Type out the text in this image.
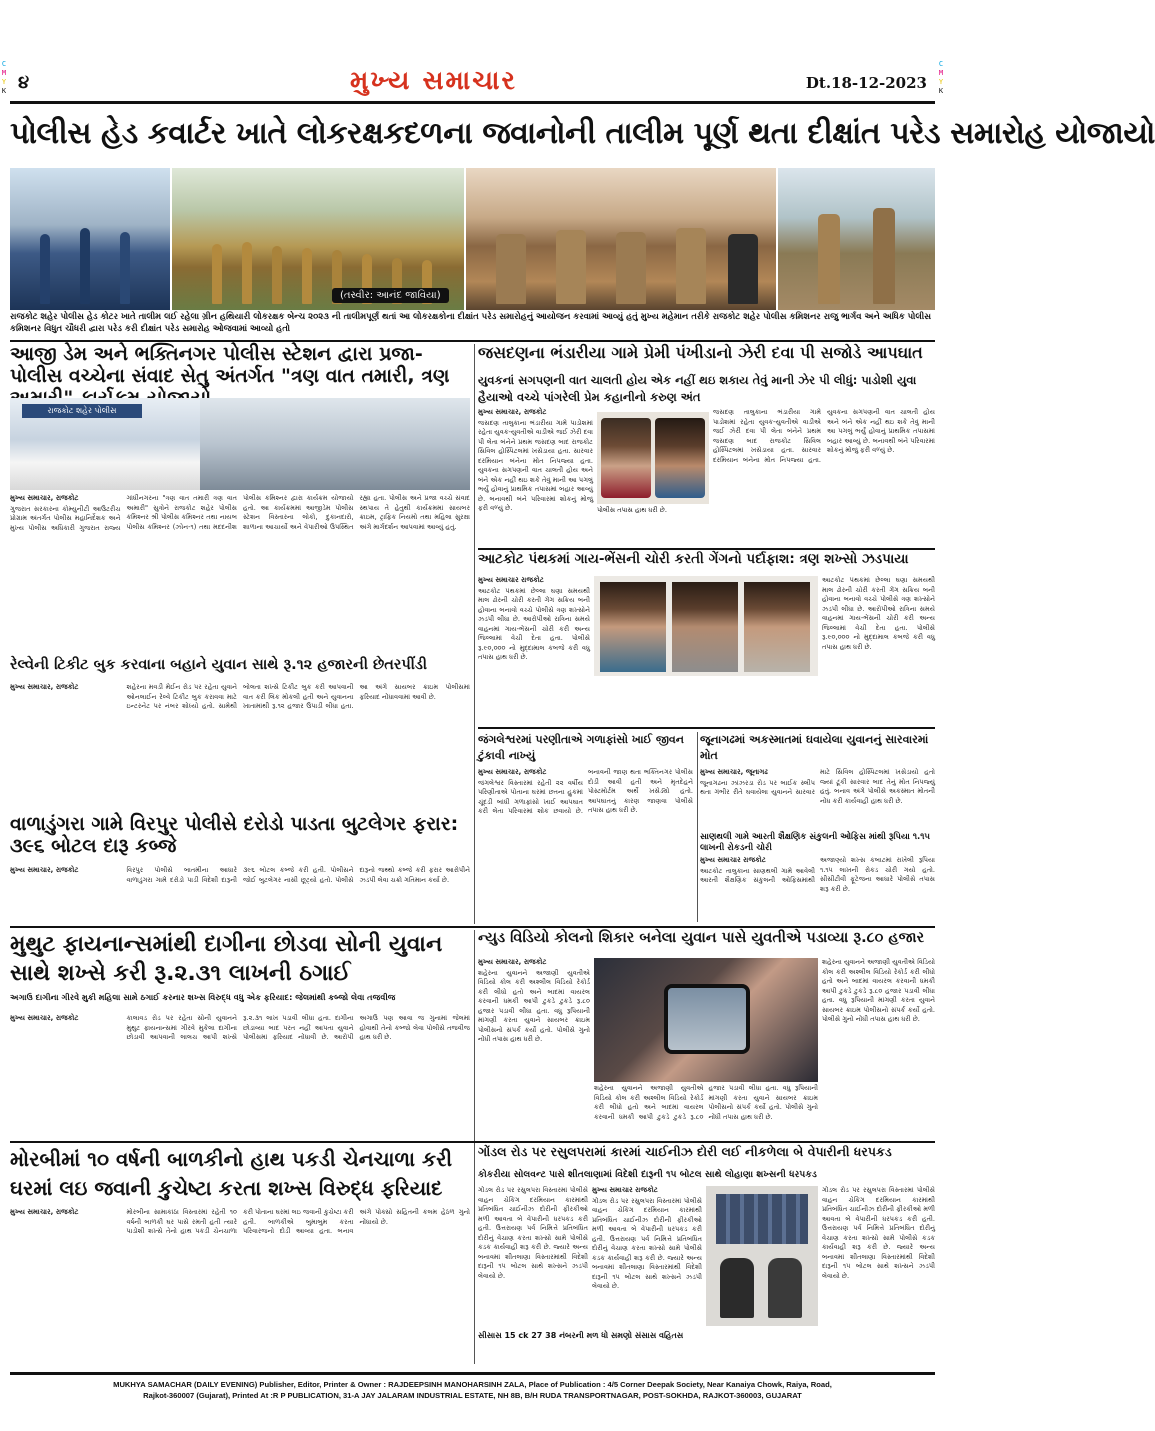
C
M
Y
K
C
M
Y
K
૪	મુખ્ય સમાચાર	Dt.18-12-2023
પોલીસ હેડ કવાર્ટર ખાતે લોકરક્ષકદળના જવાનોની તાલીમ પૂર્ણ થતા દીક્ષાંત પરેડ સમારોહ યોજાયો
(તસ્વીર: આનંદ જાવિયા)
રાજકોટ શહેર પોલીસ હેડ કોટર ખાતે તાલીમ લઈ રહેલા ગ્રીન હથિયારી લોકરક્ષક બેન્ચ ૨૦૨૩ ની તાલીમપૂર્ણ થતાં આ લોકરક્ષકોના દીક્ષાંત પરેડ સમારોહનું આયોજન કરવામાં આવ્યું હતું મુખ્ય મહેમાન તરીકે રાજકોટ શહેર પોલીસ કમિશનર રાજુ ભાર્ગવ અને અધિક પોલીસ કમિશનર વિધુત ચૌધરી દ્વારા પરેડ કરી દીક્ષાંત પરેડ સમારોહ ઓજવામાં આવ્યો હતો
આજી ડેમ અને ભક્તિનગર પોલીસ સ્ટેશન દ્વારા પ્રજા-પોલીસ વચ્ચેના સંવાદ સેતુ અંતર્ગત "ત્રણ વાત તમારી, ત્રણ
રાજકોટ શહેર પોલીસ
મુખ્ય સમાચાર, રાજકોટ
ગુજરાત સરકારના કોમ્યુનીટી આઉટરીચ પ્રોગ્રામ અંતર્ગત પોલીસ મહાનિર્દેશક અને મુખ્ય પોલીસ અધિકારી ગુજરાત રાજ્ય ગાંધીનગરના "ત્રણ વાત તમારી ત્રણ વાત અમારી" સુત્રોને રાજકોટ શહેર પોલીસ કમિશ્નર શ્રી પોલીસ કમિશ્નર તથા નાયબ પોલીસ કમિશ્નર (ઝોન-૧) તથા મદદનીશ પોલીસ કમિશ્નર દ્વારા કાર્યક્રમ યોજાયો હતો. આ કાર્યક્રમમાં આજીડેમ પોલીસ સ્ટેશન વિસ્તારના લોકો, દુકાનદારો, શાળાના આચાર્યો અને વેપારીઓ ઉપસ્થિત રહ્યા હતા. પોલીસ અને પ્રજા વચ્ચે સંવાદ સ્થપાય તે હેતુથી કાર્યક્રમમાં સાયબર ક્રાઇમ, ટ્રાફિક નિયમો તથા મહિલા સુરક્ષા અંગે માર્ગદર્શન આપવામાં આવ્યું હતું.
રેલ્વેની ટિકીટ બુક કરવાના બહાને યુવાન સાથે રૂ.૧૨ હજારની છેતરપીંડી
મુખ્ય સમાચાર, રાજકોટ	શહેરના મવડી મેઈન રોડ પર રહેતા યુવાને ઓનલાઈન રેલ્વે ટિકીટ બુક કરાવવા માટે ઇન્ટરનેટ પર નંબર શોધ્યો હતો. સામેથી બોલતા શખ્સે ટિકીટ બુક કરી આપવાની વાત કરી લિંક મોકલી હતી અને યુવાનના ખાતામાંથી રૂ.૧૨ હજાર ઉપાડી લીધા હતા. આ અંગે સાયબર ક્રાઇમ પોલીસમાં ફરિયાદ નોંધાવવામાં આવી છે.
વાળાડુંગરા ગામે વિરપુર પોલીસે દરોડો પાડતા બુટલેગર ફરાર: ૩૯૬ બોટલ દારૂ કબ્જે
મુખ્ય સમાચાર, રાજકોટ	વિરપુર પોલીસે બાતમીના આધારે વાળાડુંગરા ગામે દરોડો પાડી વિદેશી દારૂની ૩૯૬ બોટલ કબ્જે કરી હતી. પોલીસને જોઈ બુટલેગર નાસી છૂટ્યો હતો. પોલીસે દારૂનો જથ્થો કબ્જે કરી ફરાર આરોપીને ઝડપી લેવા ચક્રો ગતિમાન કર્યા છે.
જસદણના ભંડારીયા ગામે પ્રેમી પંખીડાનો ઝેરી દવા પી સજોડે આપઘાત
યુવકનાં સગપણની વાત ચાલતી હોય એક નહીં થઇ શકાય તેવું માની ઝેર પી લીધું: પાડોશી યુવા હૈયાઓ વચ્ચે પાંગરેલી પ્રેમ કહાનીનો કરુણ અંત
મુખ્ય સમાચાર, રાજકોટ
જસદણ તાલુકાના ભંડારીયા ગામે પાડોશમાં રહેતા યુવક-યુવતીએ વાડીએ જઈ ઝેરી દવા પી લેતા બંનેને પ્રથમ જસદણ બાદ રાજકોટ સિવિલ હોસ્પિટલમાં ખસેડાયા હતા. સારવાર દરમિયાન બંનેના મોત નિપજ્યા હતા. યુવકના સગપણની વાત ચાલતી હોય અને બંને એક નહીં થઇ શકે તેવું માની આ પગલું ભર્યું હોવાનું પ્રાથમિક તપાસમાં બહાર આવ્યું છે. બનાવથી બંને પરિવારમાં શોકનું મોજું ફરી વળ્યું છે.	પોલીસ તપાસ હાથ ધરી છે.
જસદણ તાલુકાના ભંડારીયા ગામે પાડોશમાં રહેતા યુવક-યુવતીએ વાડીએ જઈ ઝેરી દવા પી લેતા બંનેને પ્રથમ જસદણ બાદ રાજકોટ સિવિલ હોસ્પિટલમાં ખસેડાયા હતા. સારવાર દરમિયાન બંનેના મોત નિપજ્યા હતા. યુવકના સગપણની વાત ચાલતી હોય અને બંને એક નહીં થઇ શકે તેવું માની આ પગલું ભર્યું હોવાનું પ્રાથમિક તપાસમાં બહાર આવ્યું છે. બનાવથી બંને પરિવારમાં શોકનું મોજું ફરી વળ્યું છે.
આટકોટ પંથકમાં ગાય-ભેંસની ચોરી કરતી ગેંગનો પર્દાફાશ: ત્રણ શખ્સો ઝડપાયા
મુખ્ય સમાચાર રાજકોટ
આટકોટ પંથકમાં છેલ્લા ઘણા સમયથી માલ ઢોરની ચોરી કરતી ગેંગ સક્રિય બની હોવાના બનાવો વચ્ચે પોલીસે ત્રણ શખ્સોને ઝડપી લીધા છે. આરોપીઓ રાત્રિના સમયે વાહનમાં ગાય-ભેંસની ચોરી કરી અન્ય જિલ્લામાં વેચી દેતા હતા. પોલીસે રૂ.૯૦,૦૦૦ નો મુદ્દામાલ કબજે કરી વધુ તપાસ હાથ ધરી છે.
આટકોટ પંથકમાં છેલ્લા ઘણા સમયથી માલ ઢોરની ચોરી કરતી ગેંગ સક્રિય બની હોવાના બનાવો વચ્ચે પોલીસે ત્રણ શખ્સોને ઝડપી લીધા છે. આરોપીઓ રાત્રિના સમયે વાહનમાં ગાય-ભેંસની ચોરી કરી અન્ય જિલ્લામાં વેચી દેતા હતા. પોલીસે રૂ.૯૦,૦૦૦ નો મુદ્દામાલ કબજે કરી વધુ તપાસ હાથ ધરી છે.
જંગલેશ્વરમાં પરણીતાએ ગળાફાંસો ખાઈ જીવન ટુંકાવી નાખ્યું
મુખ્ય સમાચાર, રાજકોટ
જંગલેશ્વર વિસ્તારમાં રહેતી ૨૨ વર્ષીય પરિણીતાએ પોતાના ઘરમાં છતના હુકમાં ચૂંદડી બાંધી ગળાફાંસો ખાઈ આપઘાત કરી લેતા પરિવારમાં શોક છવાયો છે. બનાવની જાણ થતા ભક્તિનગર પોલીસ દોડી આવી હતી અને મૃતદેહને પોસ્ટમોર્ટમ અર્થે ખસેડ્યો હતો. આપઘાતનું કારણ જાણવા પોલીસે તપાસ હાથ ધરી છે.
જૂનાગઢમાં અકસ્માતમાં ઘવાયેલા યુવાનનું સારવારમાં મોત
મુખ્ય સમાચાર, જૂનાગઢ
જૂનાગઢના ઝાંઝરડા રોડ પર બાઈક સ્લીપ થતા ગંભીર રીતે ઘવાયેલા યુવાનને સારવાર માટે સિવિલ હોસ્પિટલમાં ખસેડાયો હતો જ્યાં ટૂંકી સારવાર બાદ તેનું મોત નિપજ્યું હતું. બનાવ અંગે પોલીસે અકસ્માત મોતની નોંધ કરી કાર્યવાહી હાથ ધરી છે.
સાણથલી ગામે આરતી શૈક્ષણિક સંકુલની ઓફિસ માંથી રૂપિયા ૧.૧૫ લાખની રોકડની ચોરી
મુખ્ય સમાચાર રાજકોટ
આટકોટ તાલુકાના સાણથલી ગામે આવેલી આરતી શૈક્ષણિક સંકુલની ઓફિસમાંથી અજાણ્યો શખ્સ કબાટમાં રાખેલી રૂપિયા ૧.૧૫ લાખની રોકડ ચોરી ગયો હતો. સીસીટીવી ફૂટેજના આધારે પોલીસે તપાસ શરૂ કરી છે.
મુથુટ ફાયનાન્સમાંથી દાગીના છોડવા સોની યુવાન સાથે શખ્સે કરી રૂ.૨.૩૧ લાખની ઠગાઈ
અગાઉ દાગીના ગીરવે મુકી મહિલા સામે ઠગાઈ કરનાર શખ્સ વિરુદ્ધ વધુ એક ફરિયાદ: જેલમાંથી કબ્જો લેવા તજવીજ
મુખ્ય સમાચાર, રાજકોટ	કાલાવડ રોડ પર રહેતા સોની યુવાનને મુથુટ ફાયનાન્સમાં ગીરવે મુકેલા દાગીના છોડાવી આપવાની લાલચ આપી શખ્સે રૂ.૨.૩૧ લાખ પડાવી લીધા હતા. દાગીના છોડાવ્યા બાદ પરત નહીં આપતા યુવાને પોલીસમાં ફરિયાદ નોંધાવી છે. આરોપી અગાઉ પણ આવા જ ગુનામાં જેલમાં હોવાથી તેનો કબ્જો લેવા પોલીસે તજવીજ હાથ ધરી છે.
ન્યુડ વિડિયો કોલનો શિકાર બનેલા યુવાન પાસે યુવતીએ પડાવ્યા રૂ.૮૦ હજાર
મુખ્ય સમાચાર, રાજકોટ
શહેરના યુવાનને અજાણી યુવતીએ વિડિયો કોલ કરી અશ્લીલ વિડિયો રેકોર્ડ કરી લીધો હતો અને બાદમાં વાયરલ કરવાની ધમકી આપી ટુકડે ટુકડે રૂ.૮૦ હજાર પડાવી લીધા હતા. વધુ રૂપિયાની માંગણી કરતા યુવાને સાયબર ક્રાઇમ પોલીસનો સંપર્ક કર્યો હતો. પોલીસે ગુનો નોંધી તપાસ હાથ ધરી છે.
શહેરના યુવાનને અજાણી યુવતીએ વિડિયો કોલ કરી અશ્લીલ વિડિયો રેકોર્ડ કરી લીધો હતો અને બાદમાં વાયરલ કરવાની ધમકી આપી ટુકડે ટુકડે રૂ.૮૦ હજાર પડાવી લીધા હતા. વધુ રૂપિયાની માંગણી કરતા યુવાને સાયબર ક્રાઇમ પોલીસનો સંપર્ક કર્યો હતો. પોલીસે ગુનો નોંધી તપાસ હાથ ધરી છે.
શહેરના યુવાનને અજાણી યુવતીએ વિડિયો કોલ કરી અશ્લીલ વિડિયો રેકોર્ડ કરી લીધો હતો અને બાદમાં વાયરલ કરવાની ધમકી આપી ટુકડે ટુકડે રૂ.૮૦ હજાર પડાવી લીધા હતા. વધુ રૂપિયાની માંગણી કરતા યુવાને સાયબર ક્રાઇમ પોલીસનો સંપર્ક કર્યો હતો. પોલીસે ગુનો નોંધી તપાસ હાથ ધરી છે.
મોરબીમાં ૧૦ વર્ષની બાળકીનો હાથ પકડી ચેનચાળા કરી ઘરમાં લઇ જવાની કુચેષ્ટા કરતા શખ્સ વિરુદ્ધ ફરિયાદ
મુખ્ય સમાચાર, રાજકોટ	મોરબીના સામાકાંઠા વિસ્તારમાં રહેતી ૧૦ વર્ષની બાળકી ઘર પાસે રમતી હતી ત્યારે પાડોશી શખ્સે તેનો હાથ પકડી ચેનચાળા કરી પોતાના ઘરમાં લઇ જવાની કુચેષ્ટા કરી હતી. બાળકીએ બુમાબુમ કરતા પરિવારજનો દોડી આવ્યા હતા. બનાવ અંગે પોક્સો સહિતની કલમ હેઠળ ગુનો નોંધાયો છે.
ગોંડલ રોડ પર રસુલપરામાં કારમાં ચાઈનીઝ દોરી લઈ નીકળેલા બે વેપારીની ધરપકડ
કોકરીયા સોલવન્ટ પાસે શીતલાણામાં વિદેશી દારૂની ૧૫ બોટલ સાથે લોહાણા શખ્સની ધરપકડ
ગોંડલ રોડ પર રસુલપરા વિસ્તારમાં પોલીસે વાહન ચેકિંગ દરમિયાન કારમાંથી પ્રતિબંધિત ચાઈનીઝ દોરીની ફીરકીઓ મળી આવતા બે વેપારીની ધરપકડ કરી હતી. ઉત્તરાયણ પર્વ નિમિત્તે પ્રતિબંધિત દોરીનું વેચાણ કરતા શખ્સો સામે પોલીસે કડક કાર્યવાહી શરૂ કરી છે. જ્યારે અન્ય બનાવમાં શીતલાણા વિસ્તારમાંથી વિદેશી દારૂની ૧૫ બોટલ સાથે શખ્સને ઝડપી લેવાયો છે.
મુખ્ય સમાચાર રાજકોટ
ગોંડલ રોડ પર રસુલપરા વિસ્તારમાં પોલીસે વાહન ચેકિંગ દરમિયાન કારમાંથી પ્રતિબંધિત ચાઈનીઝ દોરીની ફીરકીઓ મળી આવતા બે વેપારીની ધરપકડ કરી હતી. ઉત્તરાયણ પર્વ નિમિત્તે પ્રતિબંધિત દોરીનું વેચાણ કરતા શખ્સો સામે પોલીસે કડક કાર્યવાહી શરૂ કરી છે. જ્યારે અન્ય બનાવમાં શીતલાણા વિસ્તારમાંથી વિદેશી દારૂની ૧૫ બોટલ સાથે શખ્સને ઝડપી લેવાયો છે.
ગોંડલ રોડ પર રસુલપરા વિસ્તારમાં પોલીસે વાહન ચેકિંગ દરમિયાન કારમાંથી પ્રતિબંધિત ચાઈનીઝ દોરીની ફીરકીઓ મળી આવતા બે વેપારીની ધરપકડ કરી હતી. ઉત્તરાયણ પર્વ નિમિત્તે પ્રતિબંધિત દોરીનું વેચાણ કરતા શખ્સો સામે પોલીસે કડક કાર્યવાહી શરૂ કરી છે. જ્યારે અન્ય બનાવમાં શીતલાણા વિસ્તારમાંથી વિદેશી દારૂની ૧૫ બોટલ સાથે શખ્સને ઝડપી લેવાયો છે.
સીસાસ 15 ck 27 38 નંબરની મળ ધો સમણો સંસાસ વહિતસ
MUKHYA SAMACHAR (DAILY EVENING) Publisher, Editor, Printer & Owner : RAJDEEPSINH MANOHARSINH ZALA, Place of Publication : 4/5 Corner Deepak Society, Near Kanaiya Chowk, Raiya, Road,
Rajkot-360007 (Gujarat), Printed At :R P PUBLICATION, 31-A JAY JALARAM INDUSTRIAL ESTATE, NH 8B, B/H RUDA TRANSPORTNAGAR, POST-SOKHDA, RAJKOT-360003, GUJARAT
